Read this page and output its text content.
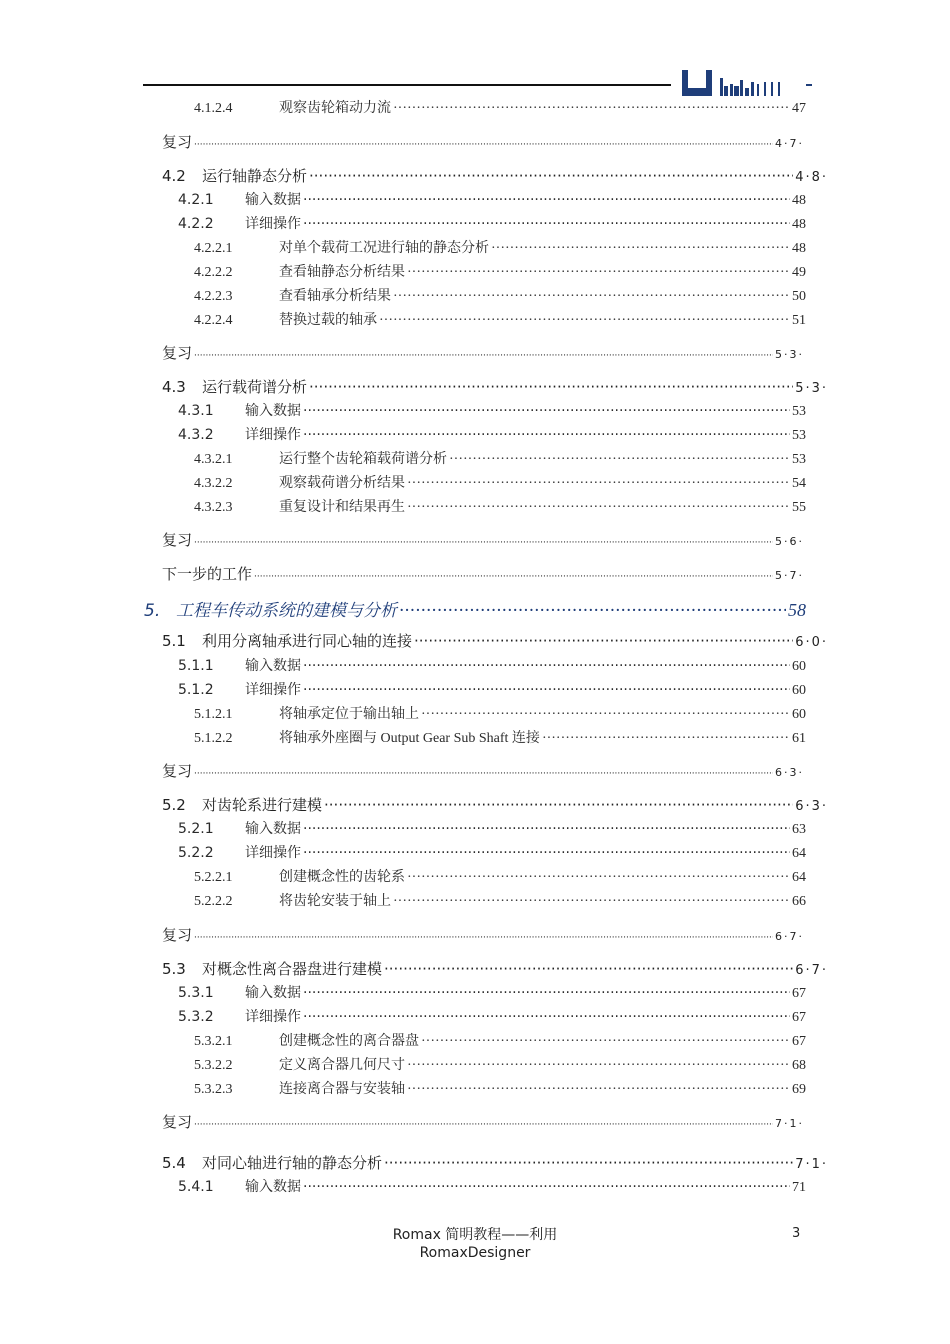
4.1.2.4	观察齿轮箱动力流 ·····	47
复习 ·····	4·7·
4.2	运行轴静态分析 ·····	4·8·
4.2.1	输入数据 ·····	48
4.2.2	详细操作 ·····	48
4.2.2.1	对单个载荷工况进行轴的静态分析 ·····	48
4.2.2.2	查看轴静态分析结果 ·····	49
4.2.2.3	查看轴承分析结果 ·····	50
4.2.2.4	替换过载的轴承 ·····	51
复习 ·····	5·3·
4.3	运行载荷谱分析 ·····	5·3·
4.3.1	输入数据 ·····	53
4.3.2	详细操作 ·····	53
4.3.2.1	运行整个齿轮箱载荷谱分析 ·····	53
4.3.2.2	观察载荷谱分析结果 ·····	54
4.3.2.3	重复设计和结果再生 ·····	55
复习 ·····	5·6·
下一步的工作 ·····	5·7·
5. 工程车传动系统的建模与分析 ·····	58
5.1	利用分离轴承进行同心轴的连接 ·····	6·0·
5.1.1	输入数据 ·····	60
5.1.2	详细操作 ·····	60
5.1.2.1	将轴承定位于输出轴上 ·····	60
5.1.2.2	将轴承外座圈与 Output Gear Sub Shaft 连接 ·····	61
复习 ·····	6·3·
5.2	对齿轮系进行建模 ·····	6·3·
5.2.1	输入数据 ·····	63
5.2.2	详细操作 ·····	64
5.2.2.1	创建概念性的齿轮系 ·····	64
5.2.2.2	将齿轮安装于轴上 ·····	66
复习 ·····	6·7·
5.3	对概念性离合器盘进行建模 ·····	6·7·
5.3.1	输入数据 ·····	67
5.3.2	详细操作 ·····	67
5.3.2.1	创建概念性的离合器盘 ·····	67
5.3.2.2	定义离合器几何尺寸 ·····	68
5.3.2.3	连接离合器与安装轴 ·····	69
复习 ·····	7·1·
5.4	对同心轴进行轴的静态分析 ·····	7·1·
5.4.1	输入数据 ·····	71
Romax 简明教程——利用
RomaxDesigner
3
